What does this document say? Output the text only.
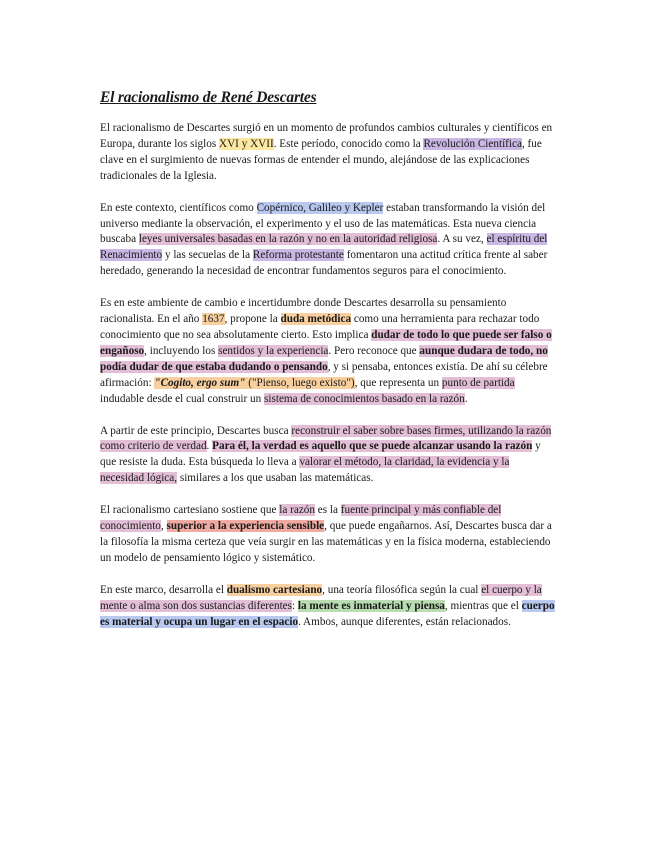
El racionalismo de René Descartes

El racionalismo de Descartes surgió en un momento de profundos cambios culturales y científicos en Europa, durante los siglos XVI y XVII. Este período, conocido como la Revolución Científica, fue clave en el surgimiento de nuevas formas de entender el mundo, alejándose de las explicaciones tradicionales de la Iglesia.

En este contexto, científicos como Copérnico, Galileo y Kepler estaban transformando la visión del universo mediante la observación, el experimento y el uso de las matemáticas. Esta nueva ciencia buscaba leyes universales basadas en la razón y no en la autoridad religiosa. A su vez, el espíritu del Renacimiento y las secuelas de la Reforma protestante fomentaron una actitud crítica frente al saber heredado, generando la necesidad de encontrar fundamentos seguros para el conocimiento.

Es en este ambiente de cambio e incertidumbre donde Descartes desarrolla su pensamiento racionalista. En el año 1637, propone la duda metódica como una herramienta para rechazar todo conocimiento que no sea absolutamente cierto. Esto implica dudar de todo lo que puede ser falso o engañoso, incluyendo los sentidos y la experiencia. Pero reconoce que aunque dudara de todo, no podía dudar de que estaba dudando o pensando, y si pensaba, entonces existía. De ahí su célebre afirmación: "Cogito, ergo sum" ("Pienso, luego existo"), que representa un punto de partida indudable desde el cual construir un sistema de conocimientos basado en la razón.

A partir de este principio, Descartes busca reconstruir el saber sobre bases firmes, utilizando la razón como criterio de verdad. Para él, la verdad es aquello que se puede alcanzar usando la razón y que resiste la duda. Esta búsqueda lo lleva a valorar el método, la claridad, la evidencia y la necesidad lógica, similares a los que usaban las matemáticas.

El racionalismo cartesiano sostiene que la razón es la fuente principal y más confiable del conocimiento, superior a la experiencia sensible, que puede engañarnos. Así, Descartes busca dar a la filosofía la misma certeza que veía surgir en las matemáticas y en la física moderna, estableciendo un modelo de pensamiento lógico y sistemático.

En este marco, desarrolla el dualismo cartesiano, una teoría filosófica según la cual el cuerpo y la mente o alma son dos sustancias diferentes: la mente es inmaterial y piensa, mientras que el cuerpo es material y ocupa un lugar en el espacio. Ambos, aunque diferentes, están relacionados.
